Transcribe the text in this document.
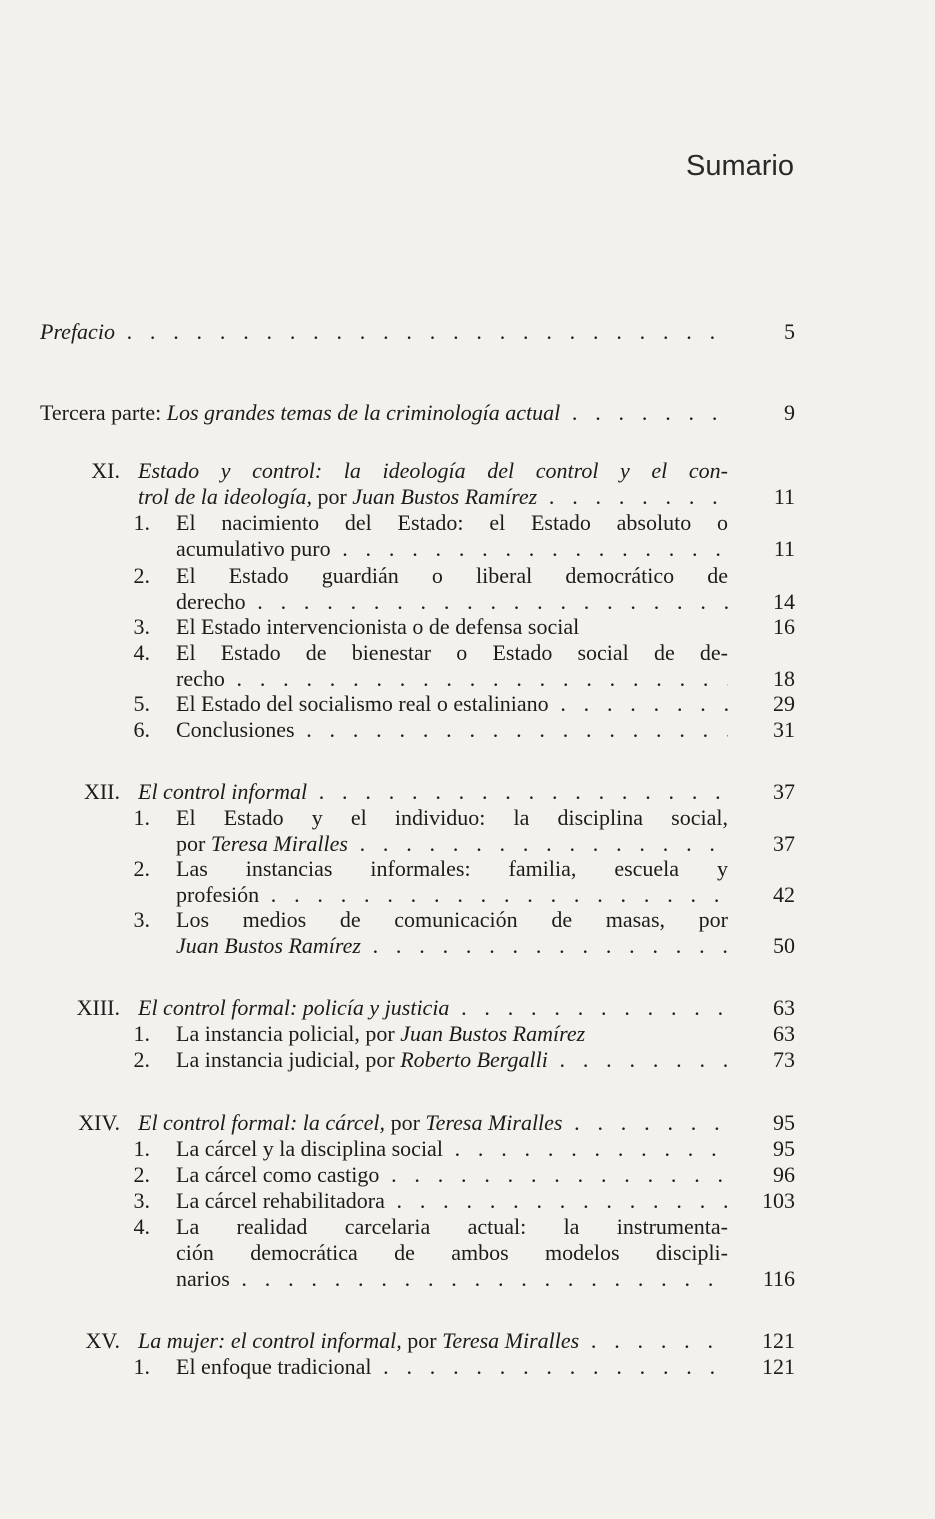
Sumario
Prefacio . . .	5
Tercera parte: Los grandes temas de la criminología actual . . .	9
XI. Estado y control: la ideología del control y el con-
trol de la ideología, por Juan Bustos Ramírez . . .	11
1. El nacimiento del Estado: el Estado absoluto o
acumulativo puro . . .	11
2. El Estado guardián o liberal democrático de
derecho . . .	14
3. El Estado intervencionista o de defensa social	16
4. El Estado de bienestar o Estado social de de-
recho . . .	18
5. El Estado del socialismo real o estaliniano . . .	29
6. Conclusiones . . .	31
XII. El control informal . . .	37
1. El Estado y el individuo: la disciplina social,
por Teresa Miralles . . .	37
2. Las instancias informales: familia, escuela y
profesión . . .	42
3. Los medios de comunicación de masas, por
Juan Bustos Ramírez . . .	50
XIII. El control formal: policía y justicia . . .	63
1. La instancia policial, por Juan Bustos Ramírez	63
2. La instancia judicial, por Roberto Bergalli . . .	73
XIV. El control formal: la cárcel, por Teresa Miralles . . .	95
1. La cárcel y la disciplina social . . .	95
2. La cárcel como castigo . . .	96
3. La cárcel rehabilitadora . . .	103
4. La realidad carcelaria actual: la instrumenta-
ción democrática de ambos modelos discipli-
narios . . .	116
XV. La mujer: el control informal, por Teresa Miralles . . .	121
1. El enfoque tradicional . . .	121
